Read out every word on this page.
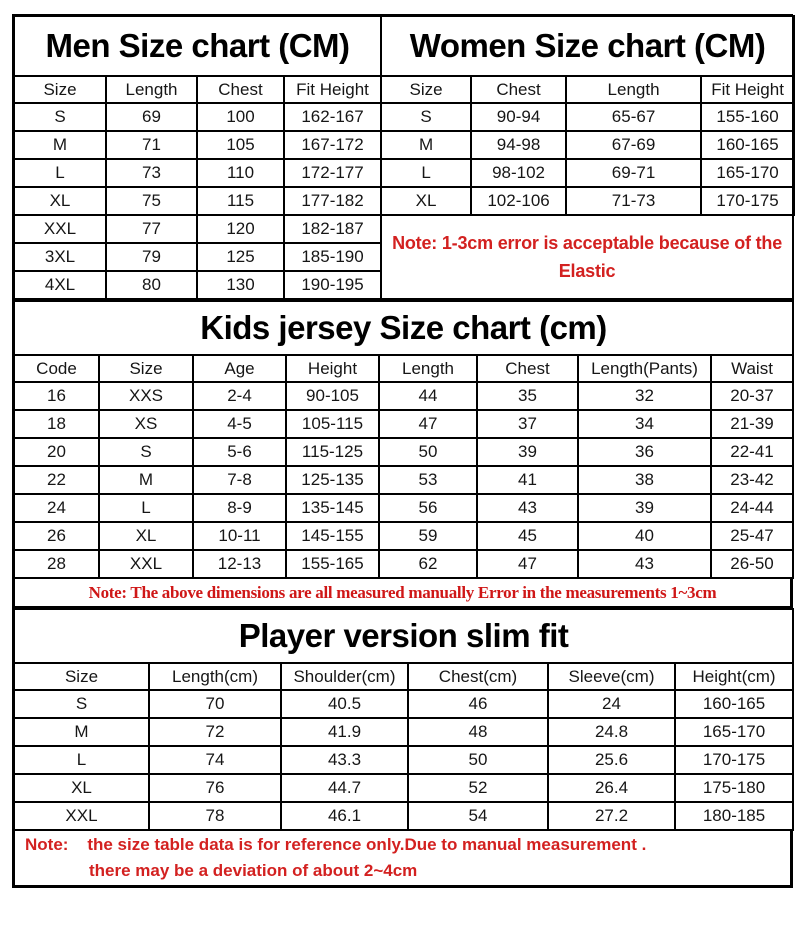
Men Size chart (CM)			
Size	Length	Chest	Fit Height
S	69	100	162-167
M	71	105	167-172
L	73	110	172-177
XL	75	115	177-182
XXL	77	120	182-187
3XL	79	125	185-190
4XL	80	130	190-195
Women Size chart (CM)			
Size	Chest	Length	Fit Height
S	90-94	65-67	155-160
M	94-98	67-69	160-165
L	98-102	69-71	165-170
XL	102-106	71-73	170-175
Note: 1-3cm error is acceptable because of the
Elastic
Kids jersey Size chart (cm)							
Code	Size	Age	Height	Length	Chest	Length(Pants)	Waist
16	XXS	2-4	90-105	44	35	32	20-37
18	XS	4-5	105-115	47	37	34	21-39
20	S	5-6	115-125	50	39	36	22-41
22	M	7-8	125-135	53	41	38	23-42
24	L	8-9	135-145	56	43	39	24-44
26	XL	10-11	145-155	59	45	40	25-47
28	XXL	12-13	155-165	62	47	43	26-50
Note: The above dimensions are all measured manually Error in the measurements 1~3cm
Player version slim fit					
Size	Length(cm)	Shoulder(cm)	Chest(cm)	Sleeve(cm)	Height(cm)
S	70	40.5	46	24	160-165
M	72	41.9	48	24.8	165-170
L	74	43.3	50	25.6	170-175
XL	76	44.7	52	26.4	175-180
XXL	78	46.1	54	27.2	180-185
Note:    the size table data is for reference only.Due to manual measurement .
there may be a deviation of about 2~4cm
